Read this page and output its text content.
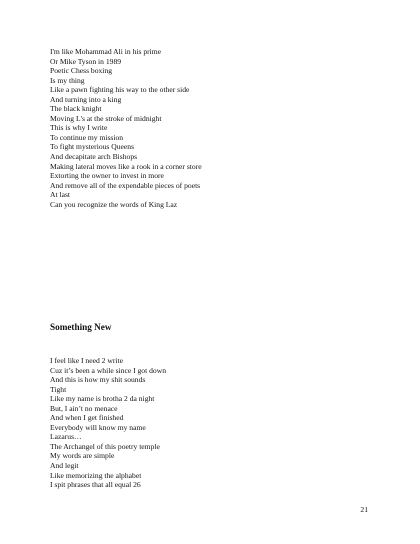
I'm like Mohammad Ali in his prime
Or Mike Tyson in 1989
Poetic Chess boxing
Is my thing
Like a pawn fighting his way to the other side
And turning into a king
The black knight
Moving L's at the stroke of midnight
This is why I write
To continue my mission
To fight mysterious Queens
And decapitate arch Bishops
Making lateral moves like a rook in a corner store
Extorting the owner to invest in more
And remove all of the expendable pieces of poets
At last
Can you recognize the words of King Laz
Something New
I feel like I need 2 write
Cuz it’s been a while since I got down
And this is how my shit sounds
Tight
Like my name is brotha 2 da night
But, I ain’t no menace
And when I get finished
Everybody will know my name
Lazarus…
The Archangel of this poetry temple
My words are simple
And legit
Like memorizing the alphabet
I spit phrases that all equal 26
21
